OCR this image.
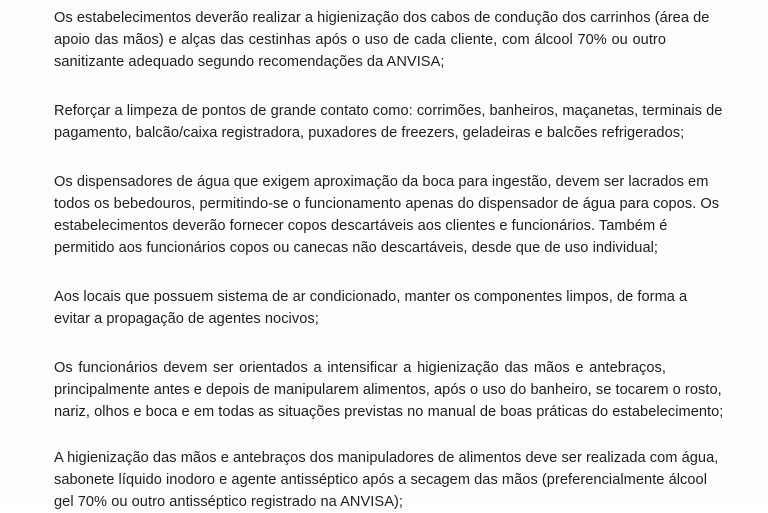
Os estabelecimentos deverão realizar a higienização dos cabos de condução dos carrinhos (área de
apoio das mãos) e alças das cestinhas após o uso de cada cliente, com álcool 70% ou outro
sanitizante adequado segundo recomendações da ANVISA;

Reforçar a limpeza de pontos de grande contato como: corrimões, banheiros, maçanetas, terminais de
pagamento, balcão/caixa registradora, puxadores de freezers, geladeiras e balcões refrigerados;

Os dispensadores de água que exigem aproximação da boca para ingestão, devem ser lacrados em
todos os bebedouros, permitindo-se o funcionamento apenas do dispensador de água para copos. Os
estabelecimentos deverão fornecer copos descartáveis aos clientes e funcionários. Também é
permitido aos funcionários copos ou canecas não descartáveis, desde que de uso individual;

Aos locais que possuem sistema de ar condicionado, manter os componentes limpos, de forma a
evitar a propagação de agentes nocivos;

Os funcionários devem ser orientados a intensificar a higienização das mãos e antebraços,
principalmente antes e depois de manipularem alimentos, após o uso do banheiro, se tocarem o rosto,
nariz, olhos e boca e em todas as situações previstas no manual de boas práticas do estabelecimento;

A higienização das mãos e antebraços dos manipuladores de alimentos deve ser realizada com água,
sabonete líquido inodoro e agente antisséptico após a secagem das mãos (preferencialmente álcool
gel 70% ou outro antisséptico registrado na ANVISA);
